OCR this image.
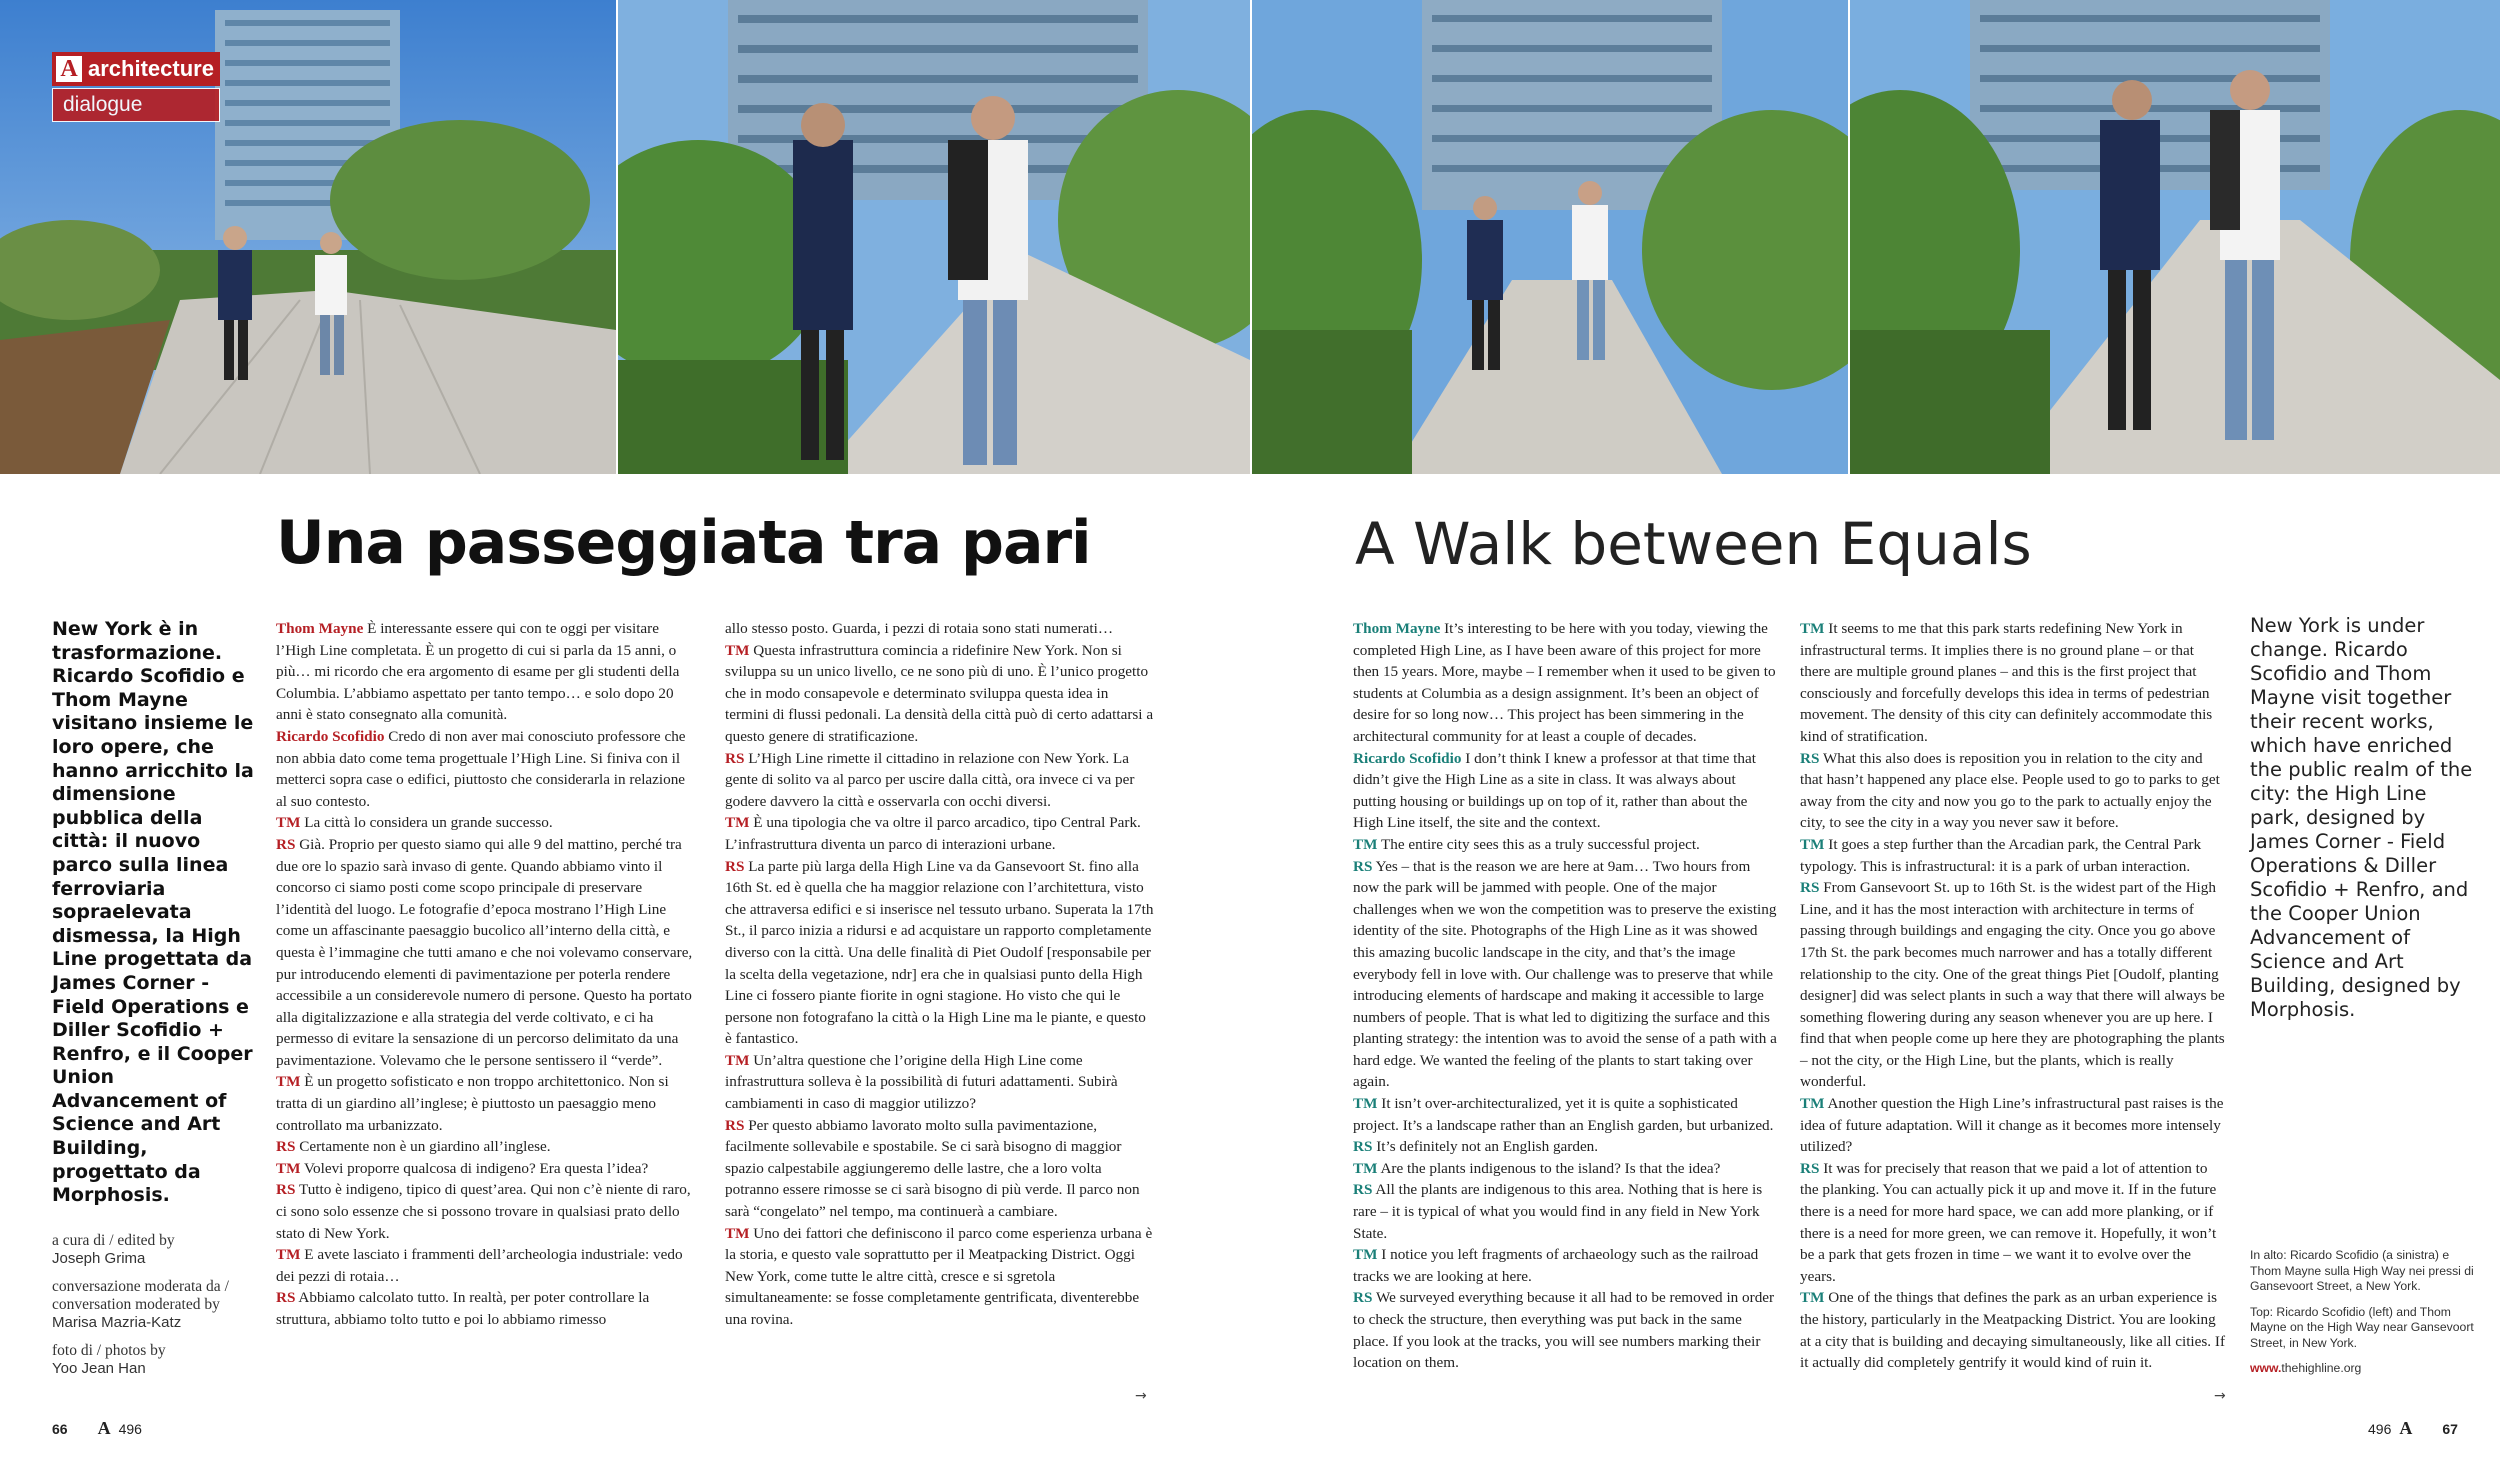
A architecture
dialogue
Una passeggiata tra pari	A Walk between Equals
New York è in trasformazione. Ricardo Scofidio e Thom Mayne visitano insieme le loro opere, che hanno arricchito la dimensione pubblica della città: il nuovo parco sulla linea ferroviaria sopraelevata dismessa, la High Line progettata da James Corner - Field Operations e Diller Scofidio + Renfro, e il Cooper Union Advancement of Science and Art Building, progettato da Morphosis.
New York is under change. Ricardo Scofidio and Thom Mayne visit together their recent works, which have enriched the public realm of the city: the High Line park, designed by James Corner - Field Operations & Diller Scofidio + Renfro, and the Cooper Union Advancement of Science and Art Building, designed by Morphosis.
a cura di / edited by
Joseph Grima
conversazione moderata da / conversation moderated by
Marisa Mazria-Katz
foto di / photos by
Yoo Jean Han

Thom Mayne È interessante essere qui con te oggi per visitare l’High Line completata. È un progetto di cui si parla da 15 anni, o più… mi ricordo che era argomento di esame per gli studenti della Columbia. L’abbiamo aspettato per tanto tempo… e solo dopo 20 anni è stato consegnato alla comunità.

Ricardo Scofidio Credo di non aver mai conosciuto professore che non abbia dato come tema progettuale l’High Line. Si finiva con il metterci sopra case o edifici, piuttosto che considerarla in relazione al suo contesto.

TM La città lo considera un grande successo.

RS Già. Proprio per questo siamo qui alle 9 del mattino, perché tra due ore lo spazio sarà invaso di gente. Quando abbiamo vinto il concorso ci siamo posti come scopo principale di preservare l’identità del luogo. Le fotografie d’epoca mostrano l’High Line come un affascinante paesaggio bucolico all’interno della città, e questa è l’immagine che tutti amano e che noi volevamo conservare, pur introducendo elementi di pavimentazione per poterla rendere accessibile a un considerevole numero di persone. Questo ha portato alla digitalizzazione e alla strategia del verde coltivato, e ci ha permesso di evitare la sensazione di un percorso delimitato da una pavimentazione. Volevamo che le persone sentissero il “verde”.

TM È un progetto sofisticato e non troppo architettonico. Non si tratta di un giardino all’inglese; è piuttosto un paesaggio meno controllato ma urbanizzato.

RS Certamente non è un giardino all’inglese.

TM Volevi proporre qualcosa di indigeno? Era questa l’idea?

RS Tutto è indigeno, tipico di quest’area. Qui non c’è niente di raro, ci sono solo essenze che si possono trovare in qualsiasi prato dello stato di New York.

TM E avete lasciato i frammenti dell’archeologia industriale: vedo dei pezzi di rotaia…

RS Abbiamo calcolato tutto. In realtà, per poter controllare la struttura, abbiamo tolto tutto e poi lo abbiamo rimesso

allo stesso posto. Guarda, i pezzi di rotaia sono stati numerati…

TM Questa infrastruttura comincia a ridefinire New York. Non si sviluppa su un unico livello, ce ne sono più di uno. È l’unico progetto che in modo consapevole e determinato sviluppa questa idea in termini di flussi pedonali. La densità della città può di certo adattarsi a questo genere di stratificazione.

RS L’High Line rimette il cittadino in relazione con New York. La gente di solito va al parco per uscire dalla città, ora invece ci va per godere davvero la città e osservarla con occhi diversi.

TM È una tipologia che va oltre il parco arcadico, tipo Central Park. L’infrastruttura diventa un parco di interazioni urbane.

RS La parte più larga della High Line va da Gansevoort St. fino alla 16th St. ed è quella che ha maggior relazione con l’architettura, visto che attraversa edifici e si inserisce nel tessuto urbano. Superata la 17th St., il parco inizia a ridursi e ad acquistare un rapporto completamente diverso con la città. Una delle finalità di Piet Oudolf [responsabile per la scelta della vegetazione, ndr] era che in qualsiasi punto della High Line ci fossero piante fiorite in ogni stagione. Ho visto che qui le persone non fotografano la città o la High Line ma le piante, e questo è fantastico.

TM Un’altra questione che l’origine della High Line come infrastruttura solleva è la possibilità di futuri adattamenti. Subirà cambiamenti in caso di maggior utilizzo?

RS Per questo abbiamo lavorato molto sulla pavimentazione, facilmente sollevabile e spostabile. Se ci sarà bisogno di maggior spazio calpestabile aggiungeremo delle lastre, che a loro volta potranno essere rimosse se ci sarà bisogno di più verde. Il parco non sarà “congelato” nel tempo, ma continuerà a cambiare.

TM Uno dei fattori che definiscono il parco come esperienza urbana è la storia, e questo vale soprattutto per il Meatpacking District. Oggi New York, come tutte le altre città, cresce e si sgretola simultaneamente: se fosse completamente gentrificata, diventerebbe una rovina.

Thom Mayne It’s interesting to be here with you today, viewing the completed High Line, as I have been aware of this project for more then 15 years. More, maybe – I remember when it used to be given to students at Columbia as a design assignment. It’s been an object of desire for so long now… This project has been simmering in the architectural community for at least a couple of decades.

Ricardo Scofidio I don’t think I knew a professor at that time that didn’t give the High Line as a site in class. It was always about putting housing or buildings up on top of it, rather than about the High Line itself, the site and the context.

TM The entire city sees this as a truly successful project.

RS Yes – that is the reason we are here at 9am… Two hours from now the park will be jammed with people. One of the major challenges when we won the competition was to preserve the existing identity of the site. Photographs of the High Line as it was showed this amazing bucolic landscape in the city, and that’s the image everybody fell in love with. Our challenge was to preserve that while introducing elements of hardscape and making it accessible to large numbers of people. That is what led to digitizing the surface and this planting strategy: the intention was to avoid the sense of a path with a hard edge. We wanted the feeling of the plants to start taking over again.

TM It isn’t over-architecturalized, yet it is quite a sophisticated project. It’s a landscape rather than an English garden, but urbanized.

RS It’s definitely not an English garden.

TM Are the plants indigenous to the island? Is that the idea?

RS All the plants are indigenous to this area. Nothing that is here is rare – it is typical of what you would find in any field in New York State.

TM I notice you left fragments of archaeology such as the railroad tracks we are looking at here.

RS We surveyed everything because it all had to be removed in order to check the structure, then everything was put back in the same place. If you look at the tracks, you will see numbers marking their location on them.

TM It seems to me that this park starts redefining New York in infrastructural terms. It implies there is no ground plane – or that there are multiple ground planes – and this is the first project that consciously and forcefully develops this idea in terms of pedestrian movement. The density of this city can definitely accommodate this kind of stratification.

RS What this also does is reposition you in relation to the city and that hasn’t happened any place else. People used to go to parks to get away from the city and now you go to the park to actually enjoy the city, to see the city in a way you never saw it before.

TM It goes a step further than the Arcadian park, the Central Park typology. This is infrastructural: it is a park of urban interaction.

RS From Gansevoort St. up to 16th St. is the widest part of the High Line, and it has the most interaction with architecture in terms of passing through buildings and engaging the city. Once you go above 17th St. the park becomes much narrower and has a totally different relationship to the city. One of the great things Piet [Oudolf, planting designer] did was select plants in such a way that there will always be something flowering during any season whenever you are up here. I find that when people come up here they are photographing the plants – not the city, or the High Line, but the plants, which is really wonderful.

TM Another question the High Line’s infrastructural past raises is the idea of future adaptation. Will it change as it becomes more intensely utilized?

RS It was for precisely that reason that we paid a lot of attention to the planking. You can actually pick it up and move it. If in the future there is a need for more hard space, we can add more planking, or if there is a need for more green, we can remove it. Hopefully, it won’t be a park that gets frozen in time – we want it to evolve over the years.

TM One of the things that defines the park as an urban experience is the history, particularly in the Meatpacking District. You are looking at a city that is building and decaying simultaneously, like all cities. If it actually did completely gentrify it would kind of ruin it.

→	→

In alto: Ricardo Scofidio (a sinistra) e Thom Mayne sulla High Way nei pressi di Gansevoort Street, a New York.

Top: Ricardo Scofidio (left) and Thom Mayne on the High Way near Gansevoort Street, in New York.

www.thehighline.org

66 A 496	496 A 67
